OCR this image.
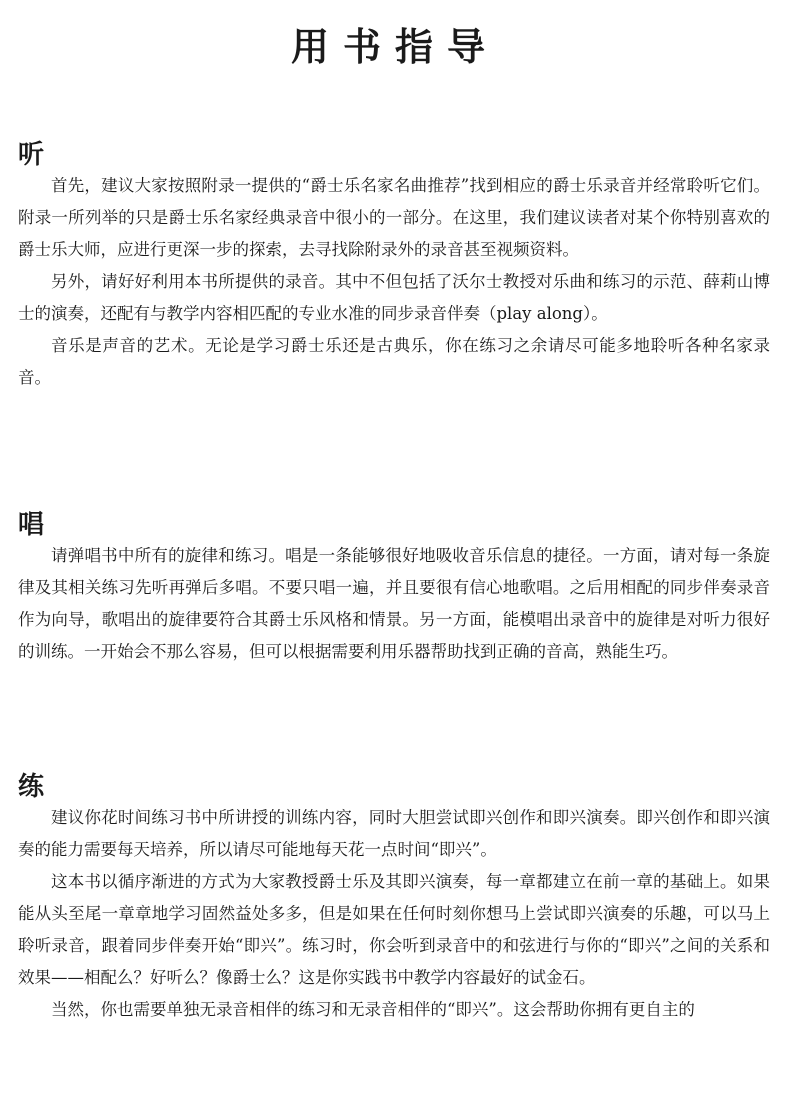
用书指导
听

首先，建议大家按照附录一提供的“爵士乐名家名曲推荐”找到相应的爵士乐录音并经常聆听它们。附录一所列举的只是爵士乐名家经典录音中很小的一部分。在这里，我们建议读者对某个你特别喜欢的爵士乐大师，应进行更深一步的探索，去寻找除附录外的录音甚至视频资料。

另外，请好好利用本书所提供的录音。其中不但包括了沃尔士教授对乐曲和练习的示范、薛莉山博士的演奏，还配有与教学内容相匹配的专业水准的同步录音伴奏（play along）。

音乐是声音的艺术。无论是学习爵士乐还是古典乐，你在练习之余请尽可能多地聆听各种名家录音。

唱

请弹唱书中所有的旋律和练习。唱是一条能够很好地吸收音乐信息的捷径。一方面，请对每一条旋律及其相关练习先听再弹后多唱。不要只唱一遍，并且要很有信心地歌唱。之后用相配的同步伴奏录音作为向导，歌唱出的旋律要符合其爵士乐风格和情景。另一方面，能模唱出录音中的旋律是对听力很好的训练。一开始会不那么容易，但可以根据需要利用乐器帮助找到正确的音高，熟能生巧。

练

建议你花时间练习书中所讲授的训练内容，同时大胆尝试即兴创作和即兴演奏。即兴创作和即兴演奏的能力需要每天培养，所以请尽可能地每天花一点时间“即兴”。

这本书以循序渐进的方式为大家教授爵士乐及其即兴演奏，每一章都建立在前一章的基础上。如果能从头至尾一章章地学习固然益处多多，但是如果在任何时刻你想马上尝试即兴演奏的乐趣，可以马上聆听录音，跟着同步伴奏开始“即兴”。练习时，你会听到录音中的和弦进行与你的“即兴”之间的关系和效果——相配么？好听么？像爵士么？这是你实践书中教学内容最好的试金石。

当然，你也需要单独无录音相伴的练习和无录音相伴的“即兴”。这会帮助你拥有更自主的
